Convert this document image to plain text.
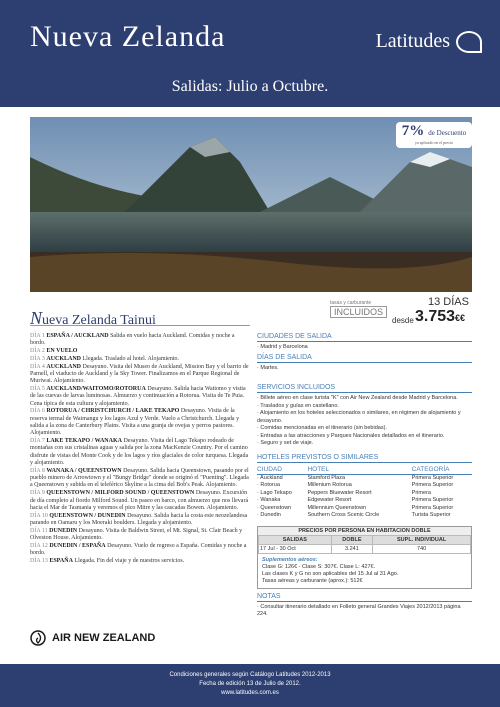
Nueva Zelanda	Latitudes
Salidas: Julio a Octubre.
7% de Descuento
ya aplicado en el precio
Nueva Zelanda Tainui
tasas y carburante
INCLUIDOS
13 DÍAS
desde 3.753€€
DÍA 1 ESPAÑA / AUCKLAND Salida en vuelo hacia Auckland. Comidas y noche a bordo.
DÍA 2 EN VUELO
DÍA 3 AUCKLAND Llegada. Traslado al hotel. Alojamiento.
DÍA 4 AUCKLAND Desayuno. Visita del Museo de Auckland, Mission Bay y el barrio de Parnell, el viaducto de Auckland y la Sky Tower. Finalizamos en el Parque Regional de Muriwai. Alojamiento.
DÍA 5 AUCKLAND/WAITOMO/ROTORUA Desayuno. Salida hacia Waitomo y visita de las cuevas de larvas luminosas. Almuerzo y continuación a Rotorua. Visita de Te Puia. Cena típica de esta cultura y alojamiento.
DÍA 6 ROTORUA / CHRISTCHURCH / LAKE TEKAPO Desayuno. Visita de la reserva termal de Waimangu y los lagos Azul y Verde. Vuelo a Christchurch. Llegada y salida a la zona de Canterbury Plains. Visita a una granja de ovejas y perros pastores. Alojamiento.
DÍA 7 LAKE TEKAPO / WANAKA Desayuno. Visita del Lago Tekapo rodeado de montañas con sus cristalinas aguas y salida por la zona MacKenzie Country. Por el camino disfrute de vistas del Monte Cook y de los lagos y ríos glaciales de color turquesa. Llegada y alojamiento.
DÍA 8 WANAKA / QUEENSTOWN Desayuno. Salida hacia Queenstown, pasando por el pueblo minero de Arrowtown y el "Bungy Bridge" donde se originó el "Puenting". Llegada a Queenstown y subida en el teleférico Skyline a la cima del Bob's Peak. Alojamiento.
DÍA 9 QUEENSTOWN / MILFORD SOUND / QUEENSTOWN Desayuno. Excursión de día completo al fiordo Milford Sound. Un paseo en barco, con almuerzo que nos llevará hacia el Mar de Tasmania y veremos el pico Mitre y las cascadas Bowen. Alojamiento.
DÍA 10 QUEENSTOWN / DUNEDIN Desayuno. Salida hacia la costa este neozelandesa parando en Oamaru y los Moeraki boulders. Llegada y alojamiento.
DÍA 11 DUNEDIN Desayuno. Visita de Baldwin Street, el Mt. Signal, St. Clair Beach y Olveston House. Alojamiento.
DÍA 12 DUNEDIN / ESPAÑA Desayuno. Vuelo de regreso a España. Comidas y noche a bordo.
DÍA 13 ESPAÑA Llegada. Fin del viaje y de nuestros servicios.
AIR NEW ZEALAND
CIUDADES DE SALIDA
· Madrid y Barcelona
DÍAS DE SALIDA
· Martes.
SERVICIOS INCLUIDOS
· Billete aéreo en clase turista "K" con Air New Zealand desde Madrid y Barcelona.
· Traslados y guías en castellano.
· Alojamiento en los hoteles seleccionados o similares, en régimen de alojamiento y desayuno.
· Comidas mencionadas en el itinerario (sin bebidas).
· Entradas a las atracciones y Parques Nacionales detallados en el itinerario.
· Seguro y set de viaje.
HOTELES PREVISTOS O SIMILARES
CIUDAD	HOTEL	CATEGORÍA
· Auckland	Stamford Plaza	Primera Superior
· Rotorua	Millenium Rotorua	Primera Superior
· Lago Tekapo	Peppers Bluewater Resort	Primera
· Wanaka	Edgewater Resort	Primera Superior
· Queenstown	Millennium Queenstown	Primera Superior
· Dunedin	Southern Cross Scenic Circle	Turista Superior
PRECIOS POR PERSONA EN HABITACION DOBLE
SALIDAS	DOBLE	SUPL. INDIVIDUAL
17 Jul - 30 Oct	3.241	740
Suplementos aéreos:
Clase G: 126€ - Clase S: 307€. Clase L: 427€.
Las clases K y G no son aplicables del 15 Jul al 31 Ago.
Tasas aéreas y carburante (aprox.): 512€
NOTAS
· Consultar itinerario detallado en Folleto general Grandes Viajes 2012/2013 página 224.
Condiciones generales según Catálogo Latitudes 2012-2013
Fecha de edición 13 de Julio de 2012.
www.latitudes.com.es
